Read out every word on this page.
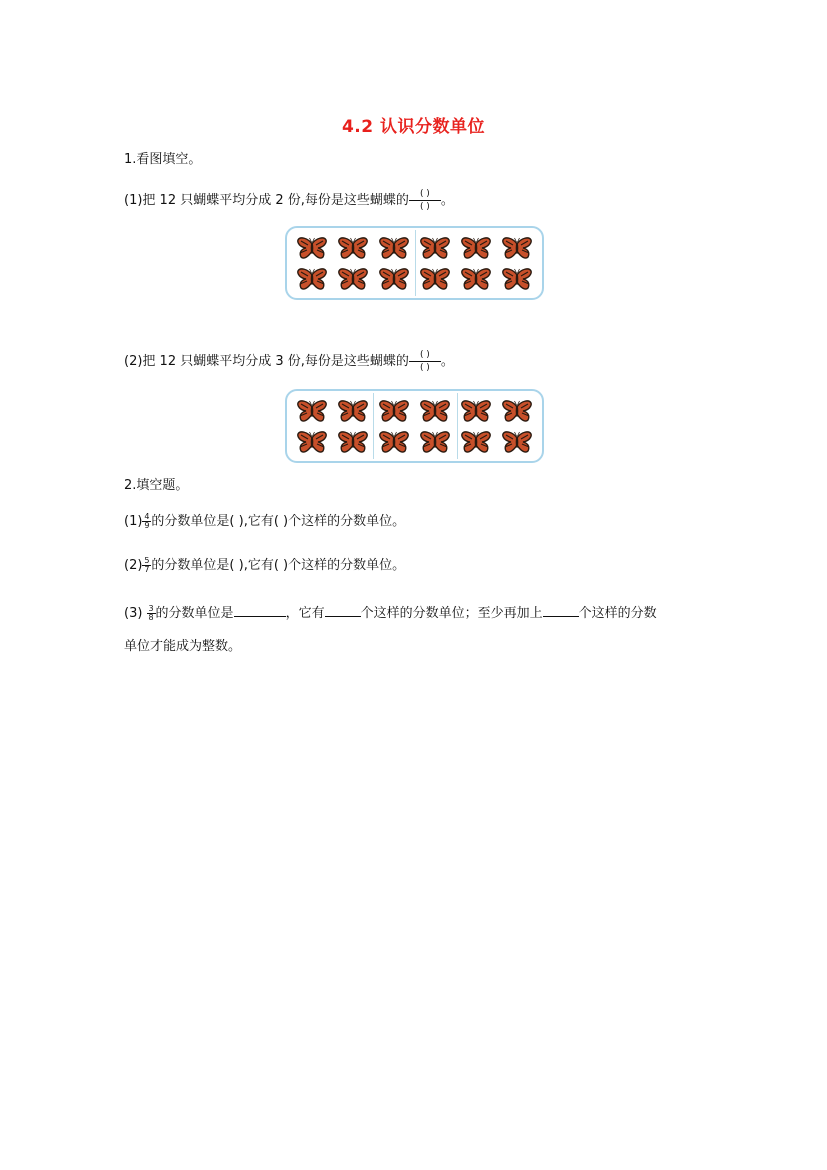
4.2 认识分数单位
1.看图填空。
(1)把 12 只蝴蝶平均分成 2 份,每份是这些蝴蝶的 $\frac{( )}{( )}$ 。
(2)把 12 只蝴蝶平均分成 3 份,每份是这些蝴蝶的 $\frac{( )}{( )}$ 。
2.填空题。
$(1) \frac{4}{9}$ 的分数单位是( ),它有( )个这样的分数单位。
$(2) \frac{5}{7}$ 的分数单位是( ),它有( )个这样的分数单位。
$(3) \frac{3}{8}$ 的分数单位是	，它有	个这样的分数单位；至少再加上	个这样的分数
单位才能成为整数。
